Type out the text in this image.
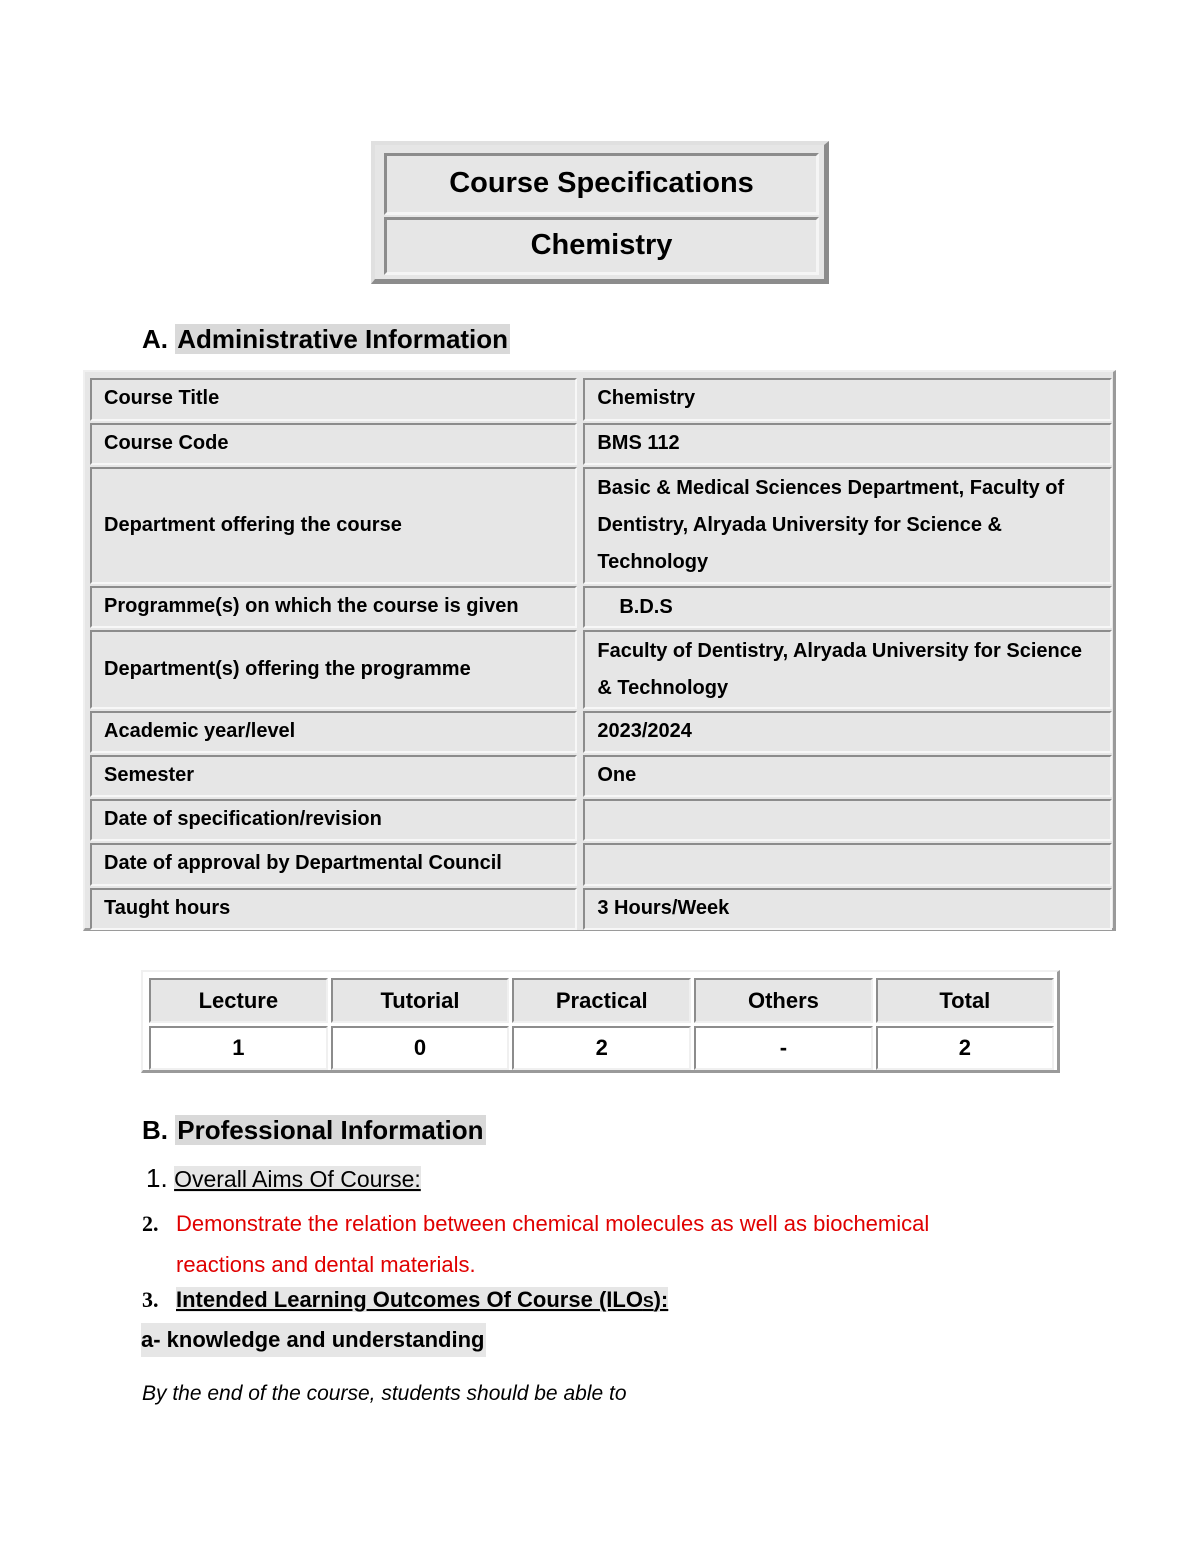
Course Specifications
Chemistry
A. Administrative Information
Course Title		Chemistry
Course Code		BMS 112
Department offering the course		Basic & Medical Sciences Department, Faculty of Dentistry, Alryada University for Science & Technology
Programme(s) on which the course is given		B.D.S
Department(s) offering the programme		Faculty of Dentistry, Alryada University for Science & Technology
Academic year/level		2023/2024
Semester		One
Date of specification/revision		
Date of approval by Departmental Council		
Taught hours		3 Hours/Week
Lecture	Tutorial	Practical	Others	Total
1	0	2	-	2
B. Professional Information
1. Overall Aims Of Course:
2. Demonstrate the relation between chemical molecules as well as biochemical
reactions and dental materials.
3. Intended Learning Outcomes Of Course (ILOS):
a- knowledge and understanding
By the end of the course, students should be able to
